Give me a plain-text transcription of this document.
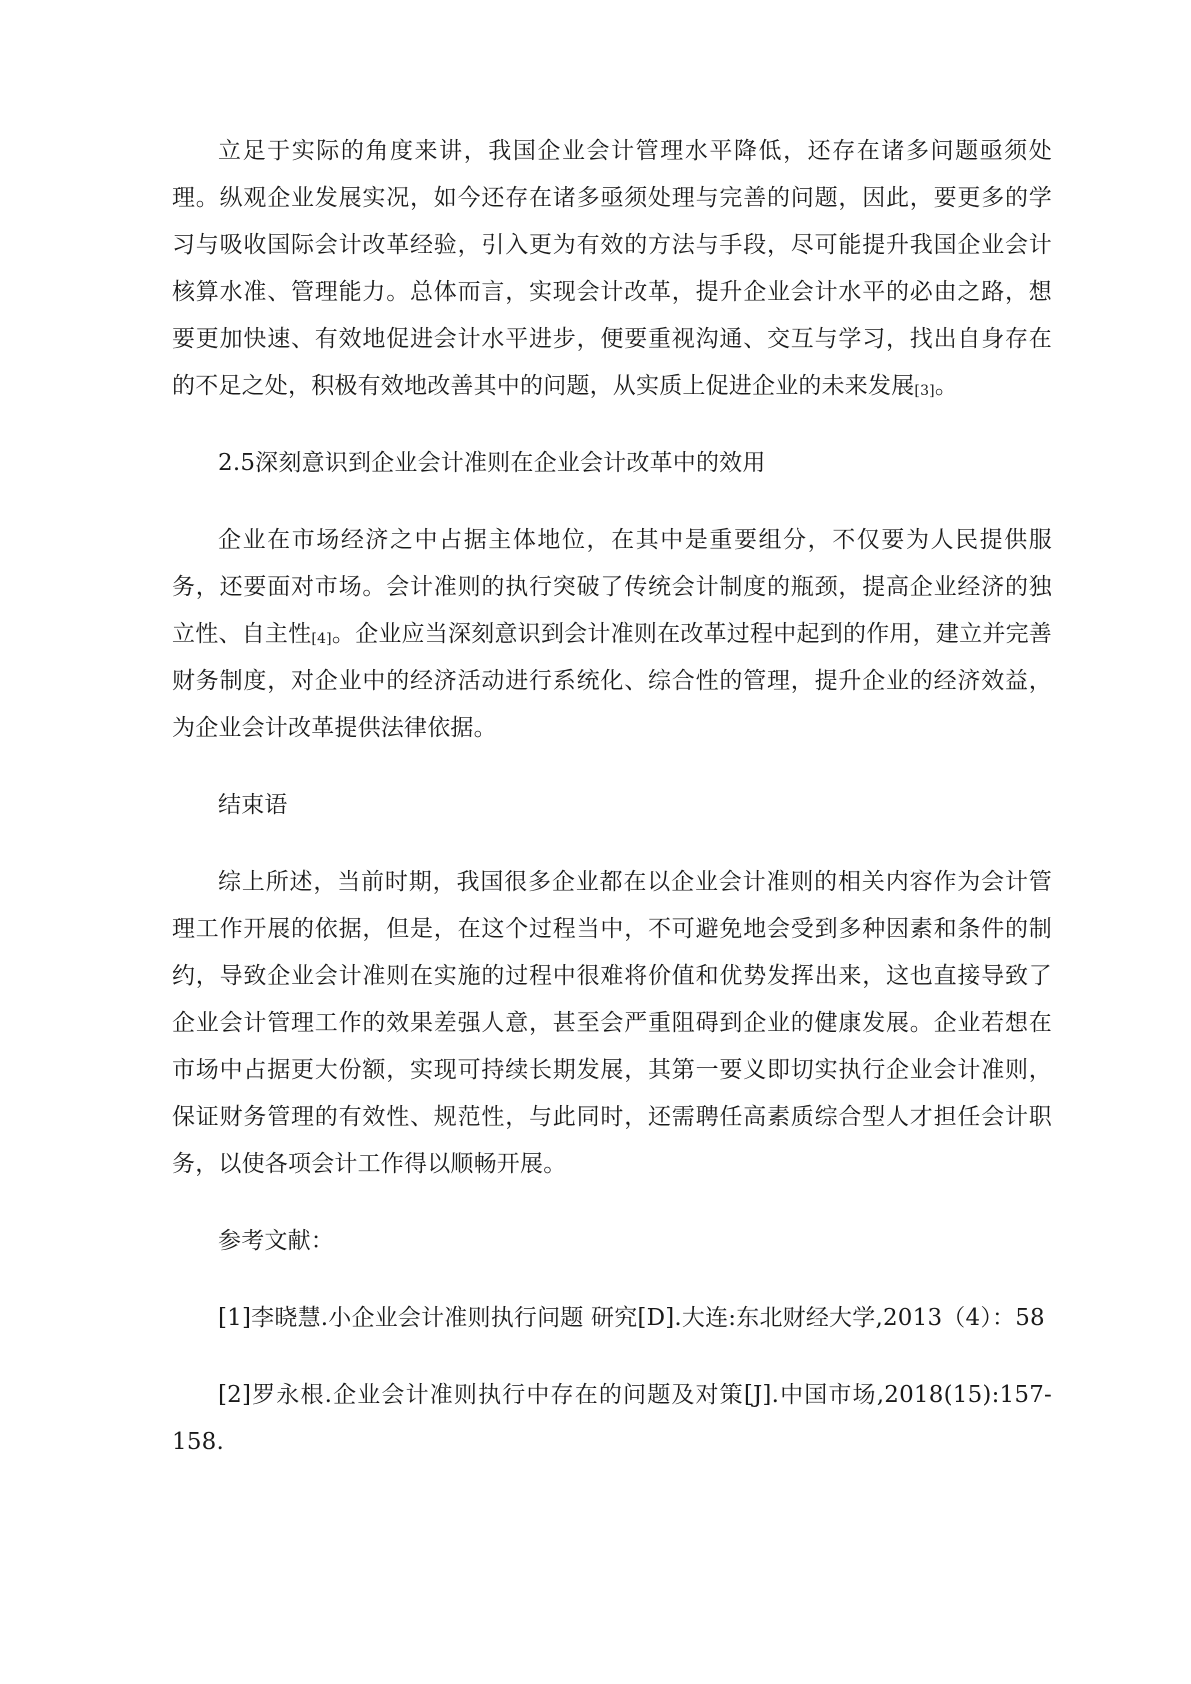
立足于实际的角度来讲，我国企业会计管理水平降低，还存在诸多问题亟须处理。纵观企业发展实况，如今还存在诸多亟须处理与完善的问题，因此，要更多的学习与吸收国际会计改革经验，引入更为有效的方法与手段，尽可能提升我国企业会计核算水准、管理能力。总体而言，实现会计改革，提升企业会计水平的必由之路，想要更加快速、有效地促进会计水平进步，便要重视沟通、交互与学习，找出自身存在的不足之处，积极有效地改善其中的问题，从实质上促进企业的未来发展$_{[3]}$。

2.5深刻意识到企业会计准则在企业会计改革中的效用

企业在市场经济之中占据主体地位，在其中是重要组分，不仅要为人民提供服务，还要面对市场。会计准则的执行突破了传统会计制度的瓶颈，提高企业经济的独立性、自主性$_{[4]}$。企业应当深刻意识到会计准则在改革过程中起到的作用，建立并完善财务制度，对企业中的经济活动进行系统化、综合性的管理，提升企业的经济效益，为企业会计改革提供法律依据。

结束语

综上所述，当前时期，我国很多企业都在以企业会计准则的相关内容作为会计管理工作开展的依据，但是，在这个过程当中，不可避免地会受到多种因素和条件的制约，导致企业会计准则在实施的过程中很难将价值和优势发挥出来，这也直接导致了企业会计管理工作的效果差强人意，甚至会严重阻碍到企业的健康发展。企业若想在市场中占据更大份额，实现可持续长期发展，其第一要义即切实执行企业会计准则，保证财务管理的有效性、规范性，与此同时，还需聘任高素质综合型人才担任会计职务，以使各项会计工作得以顺畅开展。

参考文献：

[1]李晓慧.小企业会计准则执行问题 研究[D].大连:东北财经大学,2013（4）：58

[2]罗永根.企业会计准则执行中存在的问题及对策[J].中国市场,2018(15):157- 158.
